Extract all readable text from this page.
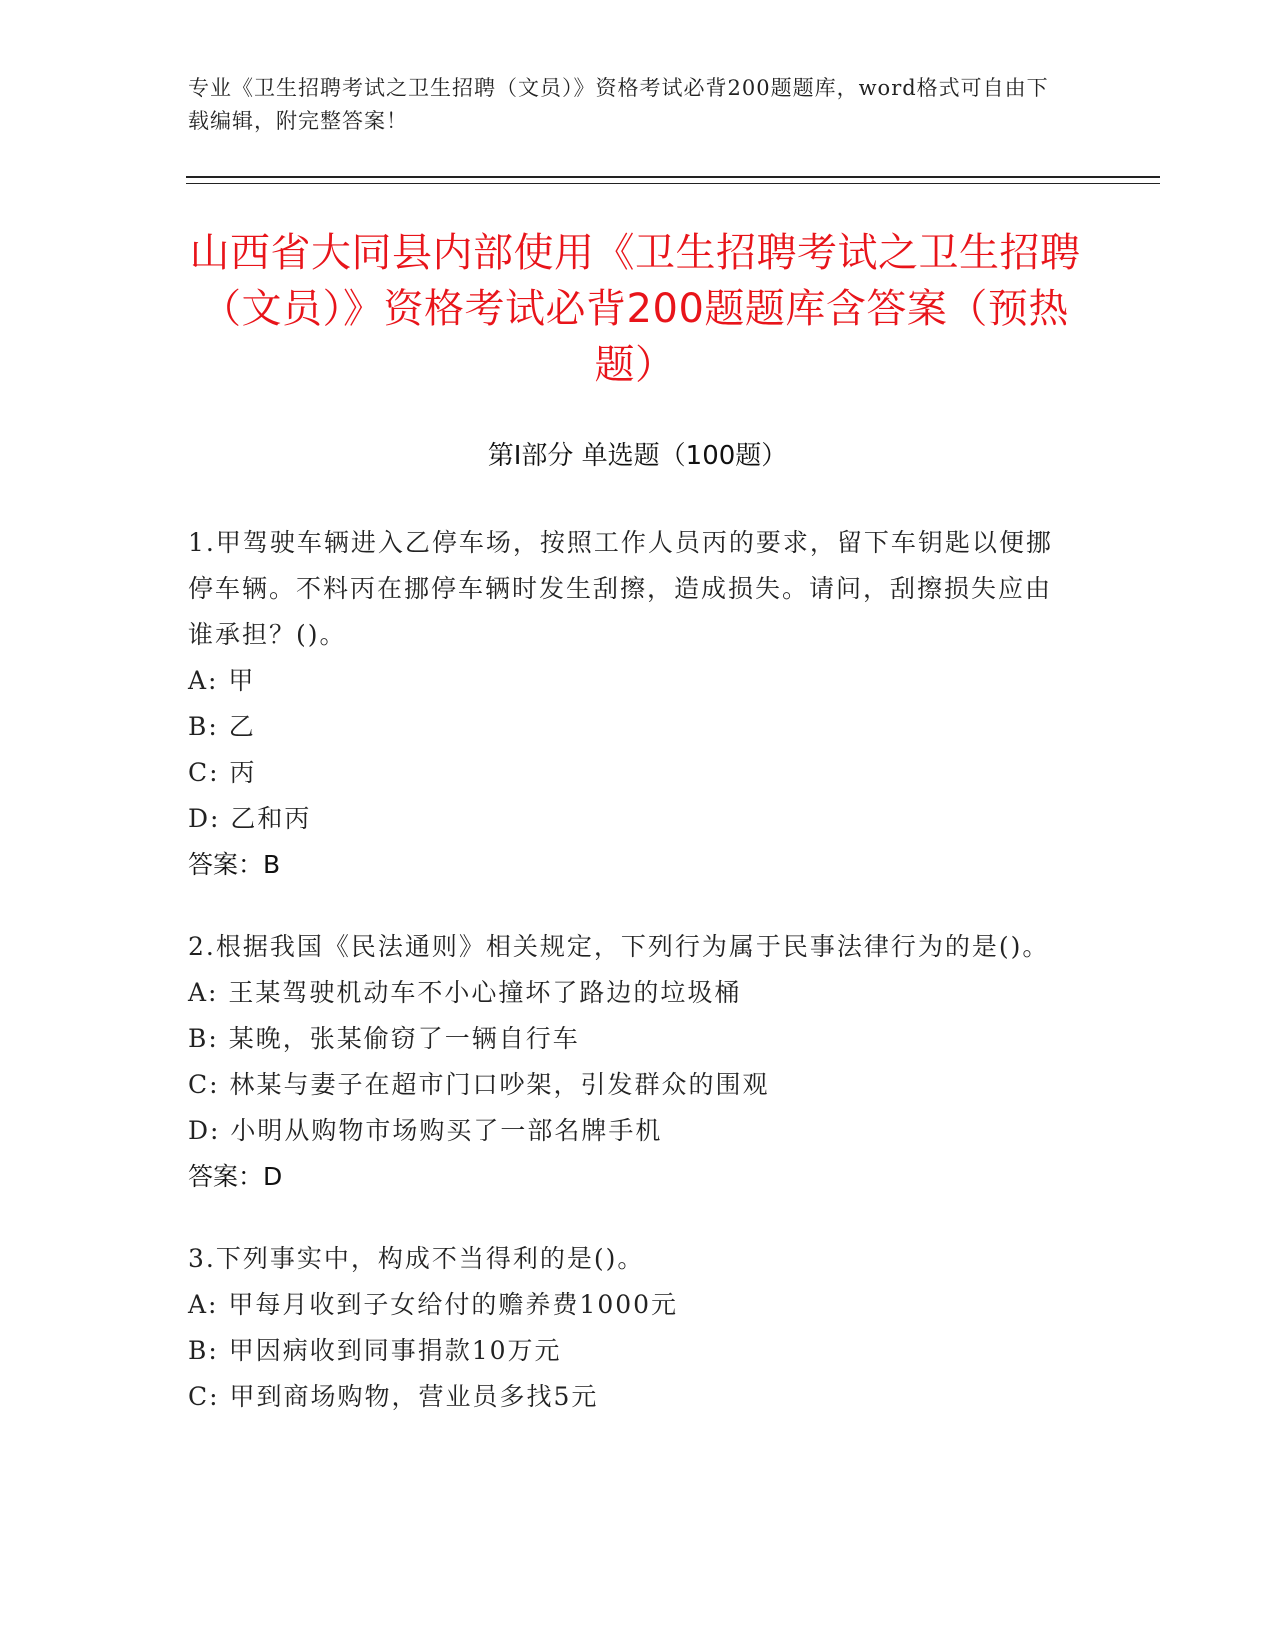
专业《卫生招聘考试之卫生招聘（文员）》资格考试必背200题题库，word格式可自由下载编辑，附完整答案！
山西省大同县内部使用《卫生招聘考试之卫生招聘（文员）》资格考试必背200题题库含答案（预热题）
第Ⅰ部分 单选题（100题）
1.甲驾驶车辆进入乙停车场，按照工作人员丙的要求，留下车钥匙以便挪停车辆。不料丙在挪停车辆时发生刮擦，造成损失。请问，刮擦损失应由谁承担？()。
A: 甲
B: 乙
C: 丙
D: 乙和丙
答案：B
2.根据我国《民法通则》相关规定，下列行为属于民事法律行为的是()。
A: 王某驾驶机动车不小心撞坏了路边的垃圾桶
B: 某晚，张某偷窃了一辆自行车
C: 林某与妻子在超市门口吵架，引发群众的围观
D: 小明从购物市场购买了一部名牌手机
答案：D
3.下列事实中，构成不当得利的是()。
A: 甲每月收到子女给付的赡养费1000元
B: 甲因病收到同事捐款10万元
C: 甲到商场购物，营业员多找5元
